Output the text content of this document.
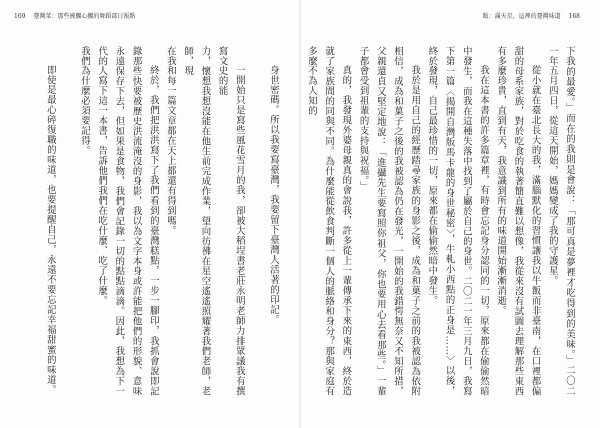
169 臺灣菜：那些被擱心擱的舞蹈部日報點

身世密碼。所以我要寫臺灣，我要留下臺灣人活著的印記。

一開始只是寫些風花雪月的我，卻被大稻埕書老莊永明老師力排眾議我有撰寫文史的能

力，懷想我想沒能在他生前完成作業，望向彷彿在星空遙遙照耀著我們老師，老師，現

在我和每一篇文章都在天上都還有得到嗎。

終於，我們把洪洪寫下了我們看到的臺灣糕點，一步一腳印，我抓會說即記錄那些快要被歷史洪流淹沒的身影，我以為文字本身或許能把他們的形貌、意味永遠保存下去，但如果是食物，我們會記錄一切的點點滴滴。因此，我想為下一代的人寫下這一本書，告訴他們我們在吃什麼、吃了什麼。

我們為什麼必須要記得。

即使是最心碎復職的味道，也要提醒自己，永遠不要忘記幸福甜蜜的味道。

跋：滿天星，這裡的臺灣味道 168

下我的最愛。」而在的我則是會說：「那可真是夢裡才吃得到的美味。」二〇二一年五月四日，從這天開始，媽媽變成了我的守護星。

從小就在臺北長大的我，滿腦默化的習慣讓我以牛飯而非臺南，在口裡都偏甜的母系家族，對於吃食的執著簡直難以想像，我從來沒有試圖去理解那些東西有多麼珍貴，直到有天，我意識到所有的味道開始漸漸消逝。

我在這本書的許多篇章裡，有時會忘記身分認同的一切，原來都在偷偷然暗中發生，而我在這種失落中找到了屬於自己的身世。二〇二一年三月九日，我寫下第一篇〈揭開自灣版馬卡龍的身世秘密〉，牛軋小西點的正身是……〉以後，終於發現，自己最珍惜的一切，原來都在偷偷然暗中發生。

我於是用自己的經歷踏尋家族的身影之後，成為和菓子之前的我被認為依附相信，成為和菓子之後的我被認為仍在發光，一開始的我錯愕無奈又不知所措，父親還貞又堅定地說：「進攝先生要寫照你祖父，你也要用心去看那些。」一輩子都會受到祖輩的支持與祝福。」

真的，我發現外婆母親真的會說我，許多從上一輩傳承下來的東西，終於造就了家族間的同與不同。為什麼能從飲食判斷一個人的脈絡和身分？那與家庭有多麼不為人知的
